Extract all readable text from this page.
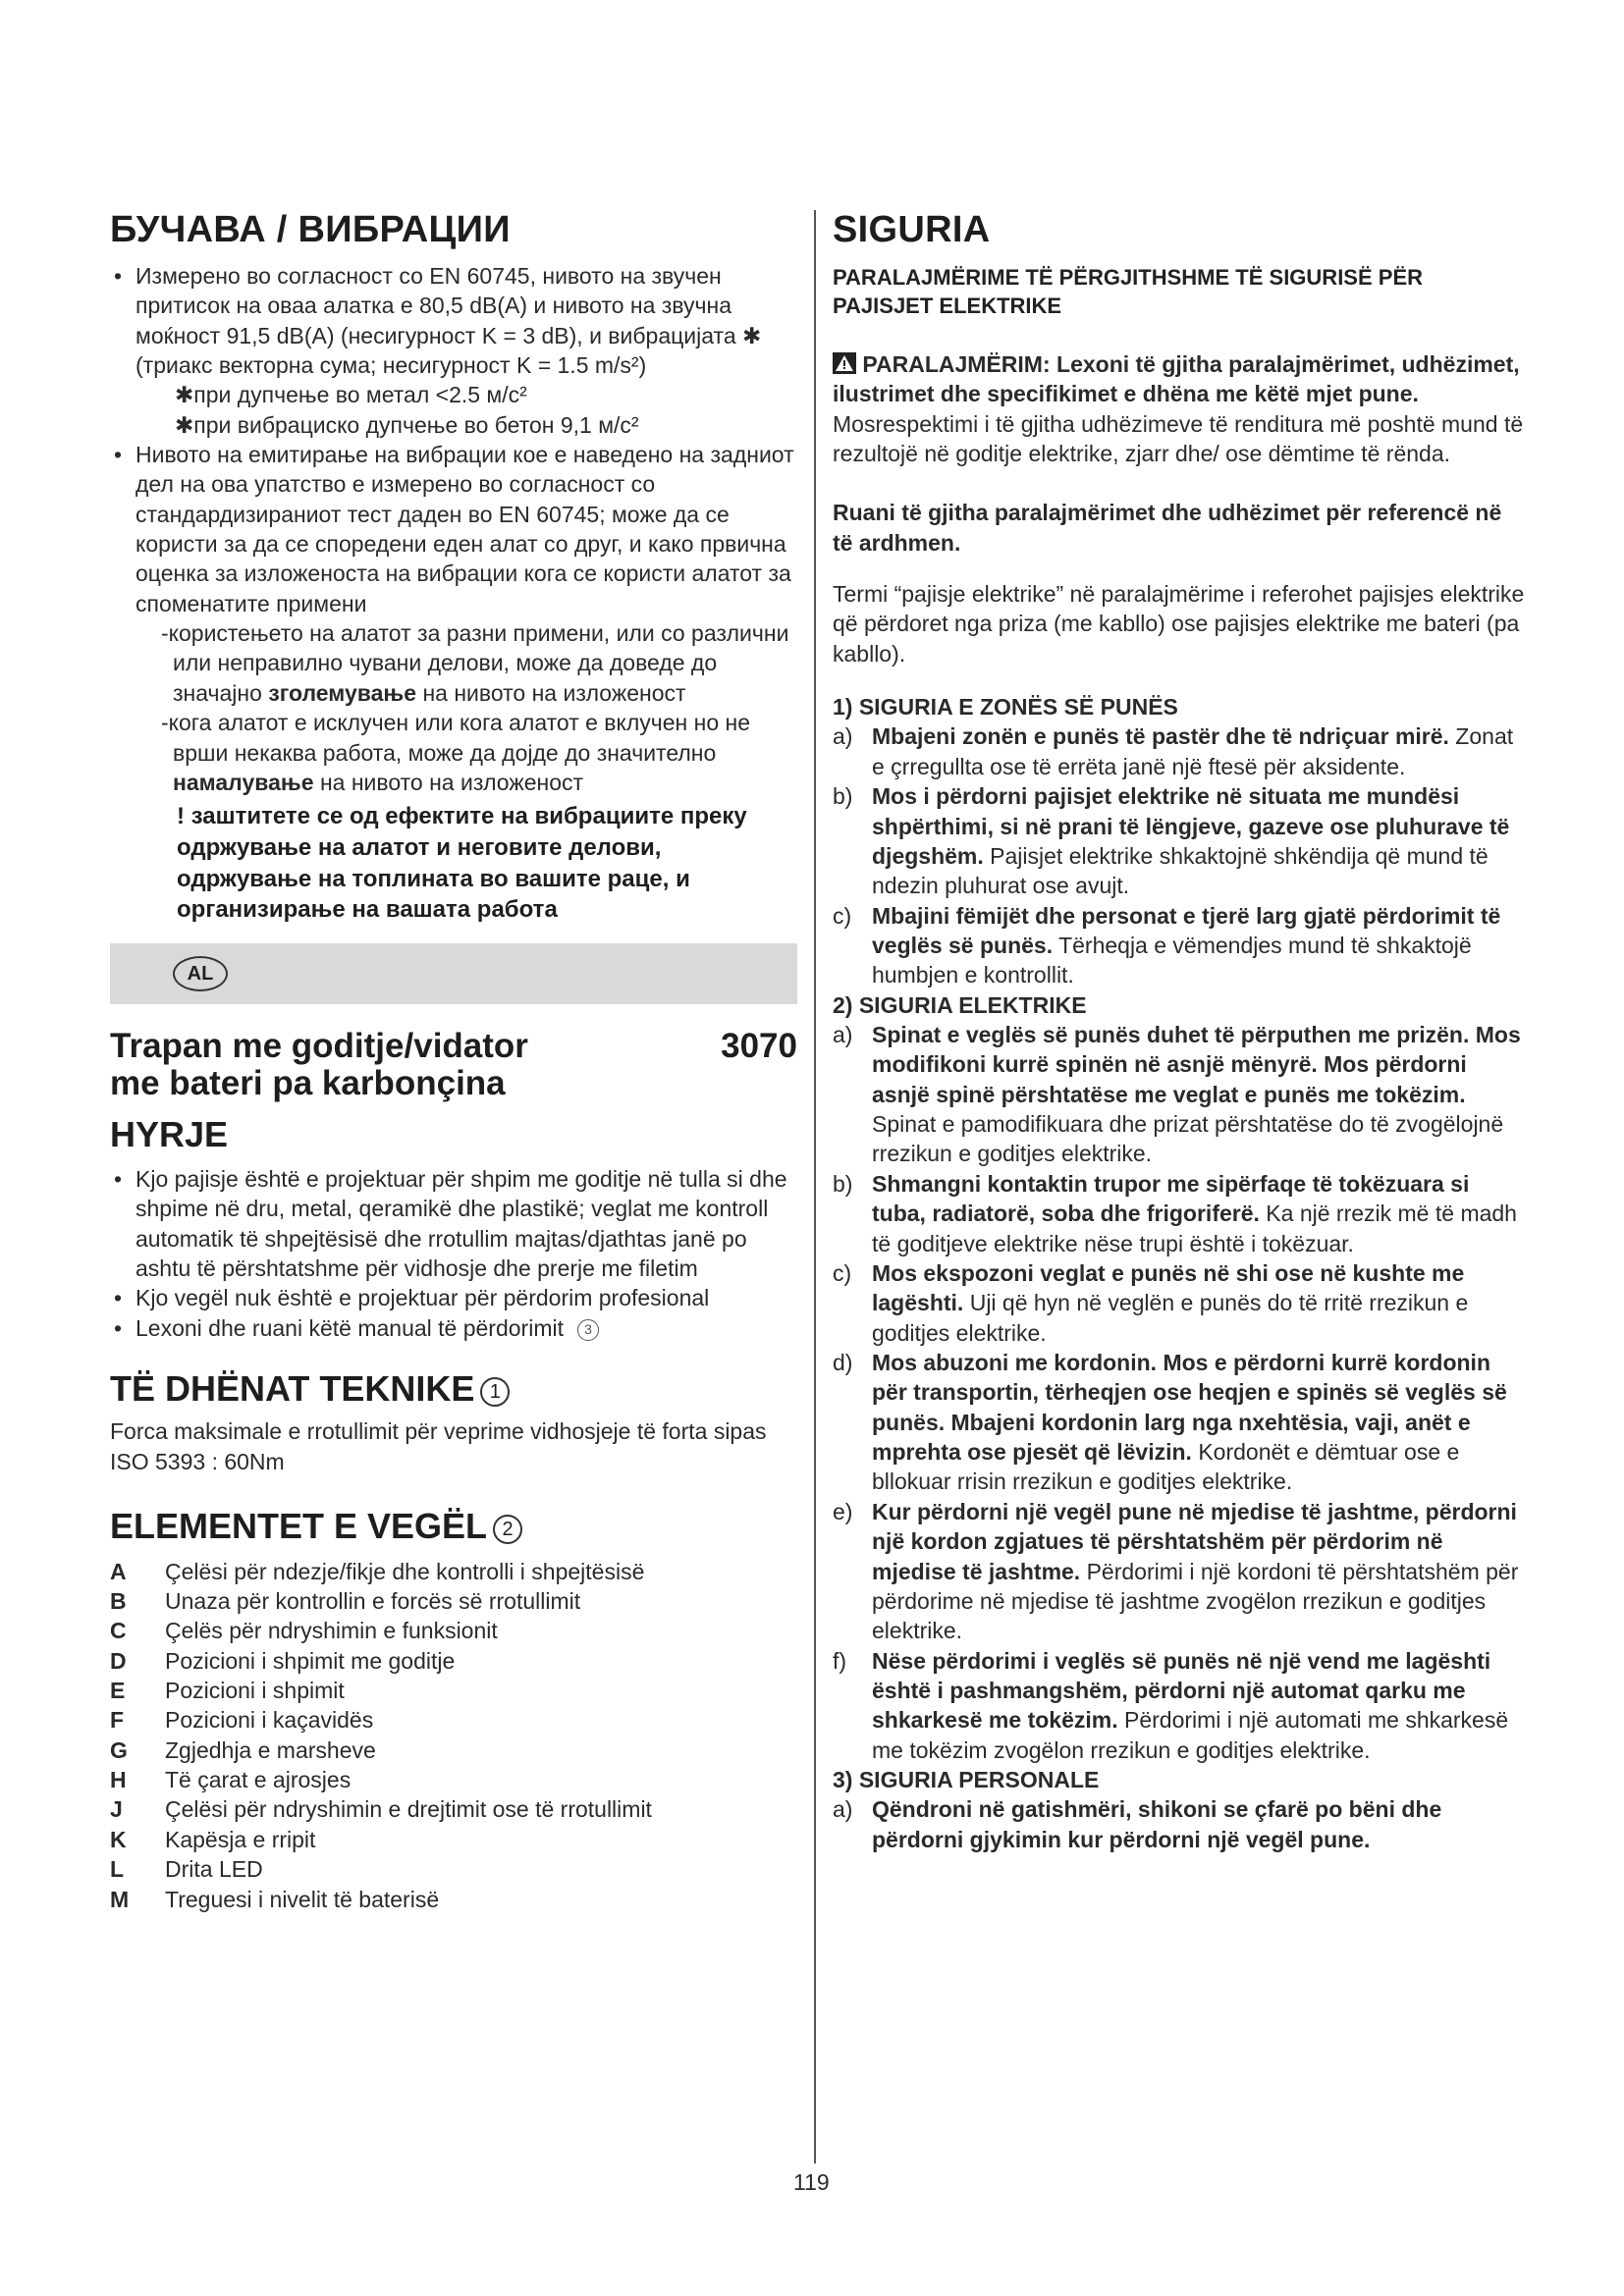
БУЧАВА / ВИБРАЦИИ
• Измерено во согласност со EN 60745, нивото на звучен притисок на оваа алатка е 80,5 dB(A) и нивото на звучна моќност 91,5 dB(A) (несигурност K = 3 dB), и вибрацијата ✱ (триакс векторна сума; несигурност K = 1.5 m/s²)
✱при дупчење во метал <2.5 м/с²
✱при вибрациско дупчење во бетон 9,1 м/с²
• Нивото на емитирање на вибрации кое е наведено на задниот дел на ова упатство е измерено во согласност со стандардизираниот тест даден во EN 60745; може да се користи за да се споредени еден алат со друг, и како првична оценка за изложеноста на вибрации кога се користи алатот за споменатите примени
-користењето на алатот за разни примени, или со различни или неправилно чувани делови, може да доведе до значајно зголемување на нивото на изложеност
-кога алатот е исклучен или кога алатот е вклучен но не врши некаква работа, може да дојде до значително намалување на нивото на изложеност
! заштитете се од ефектите на вибрациите преку одржување на алатот и неговите делови, одржување на топлината во вашите раце, и организирање на вашата работа
AL
Trapan me goditje/vidator me bateri pa karbonçina
3070
HYRJE
• Kjo pajisje është e projektuar për shpim me goditje në tulla si dhe shpime në dru, metal, qeramikë dhe plastikë; veglat me kontroll automatik të shpejtësisë dhe rrotullim majtas/djathtas janë po ashtu të përshtatshme për vidhosje dhe prerje me filetim
• Kjo vegël nuk është e projektuar për përdorim profesional
• Lexoni dhe ruani këtë manual të përdorimit 3
TË DHËNAT TEKNIKE 1
Forca maksimale e rrotullimit për veprime vidhosjeje të forta sipas ISO 5393 : 60Nm
ELEMENTET E VEGËL 2
A	Çelësi për ndezje/fikje dhe kontrolli i shpejtësisë
B	Unaza për kontrollin e forcës së rrotullimit
C	Çelës për ndryshimin e funksionit
D	Pozicioni i shpimit me goditje
E	Pozicioni i shpimit
F	Pozicioni i kaçavidës
G	Zgjedhja e marsheve
H	Të çarat e ajrosjes
J	Çelësi për ndryshimin e drejtimit ose të rrotullimit
K	Kapësja e rripit
L	Drita LED
M	Treguesi i nivelit të baterisë
SIGURIA
PARALAJMËRIME TË PËRGJITHSHME TË SIGURISË PËR PAJISJET ELEKTRIKE
PARALAJMËRIM: Lexoni të gjitha paralajmërimet, udhëzimet, ilustrimet dhe specifikimet e dhëna me këtë mjet pune. Mosrespektimi i të gjitha udhëzimeve të renditura më poshtë mund të rezultojë në goditje elektrike, zjarr dhe/ ose dëmtime të rënda.
Ruani të gjitha paralajmërimet dhe udhëzimet për referencë në të ardhmen.
Termi “pajisje elektrike” në paralajmërime i referohet pajisjes elektrike që përdoret nga priza (me kabllo) ose pajisjes elektrike me bateri (pa kabllo).
1) SIGURIA E ZONËS SË PUNËS
a) Mbajeni zonën e punës të pastër dhe të ndriçuar mirë. Zonat e çrregullta ose të errëta janë një ftesë për aksidente.
b) Mos i përdorni pajisjet elektrike në situata me mundësi shpërthimi, si në prani të lëngjeve, gazeve ose pluhurave të djegshëm. Pajisjet elektrike shkaktojnë shkëndija që mund të ndezin pluhurat ose avujt.
c) Mbajini fëmijët dhe personat e tjerë larg gjatë përdorimit të veglës së punës. Tërheqja e vëmendjes mund të shkaktojë humbjen e kontrollit.
2) SIGURIA ELEKTRIKE
a) Spinat e veglës së punës duhet të përputhen me prizën. Mos modifikoni kurrë spinën në asnjë mënyrë. Mos përdorni asnjë spinë përshtatëse me veglat e punës me tokëzim. Spinat e pamodifikuara dhe prizat përshtatëse do të zvogëlojnë rrezikun e goditjes elektrike.
b) Shmangni kontaktin trupor me sipërfaqe të tokëzuara si tuba, radiatorë, soba dhe frigoriferë. Ka një rrezik më të madh të goditjeve elektrike nëse trupi është i tokëzuar.
c) Mos ekspozoni veglat e punës në shi ose në kushte me lagështi. Uji që hyn në veglën e punës do të rritë rrezikun e goditjes elektrike.
d) Mos abuzoni me kordonin. Mos e përdorni kurrë kordonin për transportin, tërheqjen ose heqjen e spinës së veglës së punës. Mbajeni kordonin larg nga nxehtësia, vaji, anët e mprehta ose pjesët që lëvizin. Kordonët e dëmtuar ose e bllokuar rrisin rrezikun e goditjes elektrike.
e) Kur përdorni një vegël pune në mjedise të jashtme, përdorni një kordon zgjatues të përshtatshëm për përdorim në mjedise të jashtme. Përdorimi i një kordoni të përshtatshëm për përdorime në mjedise të jashtme zvogëlon rrezikun e goditjes elektrike.
f) Nëse përdorimi i veglës së punës në një vend me lagështi është i pashmangshëm, përdorni një automat qarku me shkarkesë me tokëzim. Përdorimi i një automati me shkarkesë me tokëzim zvogëlon rrezikun e goditjes elektrike.
3) SIGURIA PERSONALE
a) Qëndroni në gatishmëri, shikoni se çfarë po bëni dhe përdorni gjykimin kur përdorni një vegël pune.
119
